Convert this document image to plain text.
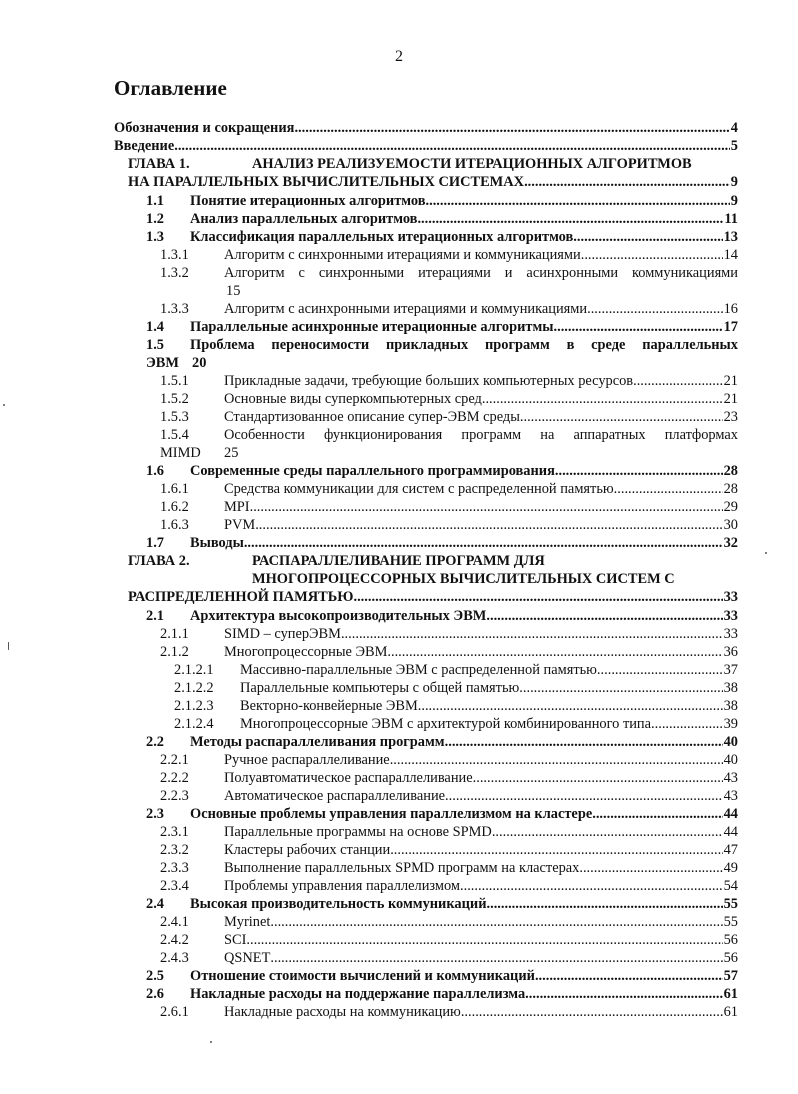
2
Оглавление
Обозначения и сокращения .....	4
Введение .....	5
ГЛАВА 1.	АНАЛИЗ РЕАЛИЗУЕМОСТИ ИТЕРАЦИОННЫХ АЛГОРИТМОВ
НА ПАРАЛЛЕЛЬНЫХ ВЫЧИСЛИТЕЛЬНЫХ СИСТЕМАХ .....	9
1.1 Понятие итерационных алгоритмов .....	9
1.2 Анализ параллельных алгоритмов .....	11
1.3 Классификация параллельных итерационных алгоритмов .....	13
1.3.1 Алгоритм с синхронными итерациями и коммуникациями .....	14
1.3.2 Алгоритм с синхронными итерациями и асинхронными коммуникациями
15
1.3.3 Алгоритм с асинхронными итерациями и коммуникациями .....	16
1.4 Параллельные асинхронные итерационные алгоритмы .....	17
1.5 Проблема переносимости прикладных программ в среде параллельных
ЭВМ 20
1.5.1 Прикладные задачи, требующие больших компьютерных ресурсов .....	21
1.5.2 Основные виды суперкомпьютерных сред .....	21
1.5.3 Стандартизованное описание супер-ЭВМ среды .....	23
1.5.4 Особенности функционирования программ на аппаратных платформах
MIMD 25
1.6 Современные среды параллельного программирования .....	28
1.6.1 Средства коммуникации для систем с распределенной памятью .....	28
1.6.2 MPI .....	29
1.6.3 PVM .....	30
1.7 Выводы .....	32
ГЛАВА 2.	РАСПАРАЛЛЕЛИВАНИЕ ПРОГРАММ ДЛЯ
МНОГОПРОЦЕССОРНЫХ ВЫЧИСЛИТЕЛЬНЫХ СИСТЕМ С
РАСПРЕДЕЛЕННОЙ ПАМЯТЬЮ. .....	33
2.1 Архитектура высокопроизводительных ЭВМ .....	33
2.1.1 SIMD – суперЭВМ .....	33
2.1.2 Многопроцессорные ЭВМ .....	36
2.1.2.1 Массивно-параллельные ЭВМ с распределенной памятью .....	37
2.1.2.2 Параллельные компьютеры с общей памятью .....	38
2.1.2.3 Векторно-конвейерные ЭВМ .....	38
2.1.2.4 Многопроцессорные ЭВМ с архитектурой комбинированного типа .....	39
2.2 Методы распараллеливания программ .....	40
2.2.1 Ручное распараллеливание .....	40
2.2.2 Полуавтоматическое распараллеливание .....	43
2.2.3 Автоматическое распараллеливание .....	43
2.3 Основные проблемы управления параллелизмом на кластере .....	44
2.3.1 Параллельные программы на основе SPMD .....	44
2.3.2 Кластеры рабочих станции .....	47
2.3.3 Выполнение параллельных SPMD программ на кластерах .....	49
2.3.4 Проблемы управления параллелизмом .....	54
2.4 Высокая производительность коммуникаций .....	55
2.4.1 Myrinet .....	55
2.4.2 SCI .....	56
2.4.3 QSNET .....	56
2.5 Отношение стоимости вычислений и коммуникаций .....	57
2.6 Накладные расходы на поддержание параллелизма .....	61
2.6.1 Накладные расходы на коммуникацию .....	61
